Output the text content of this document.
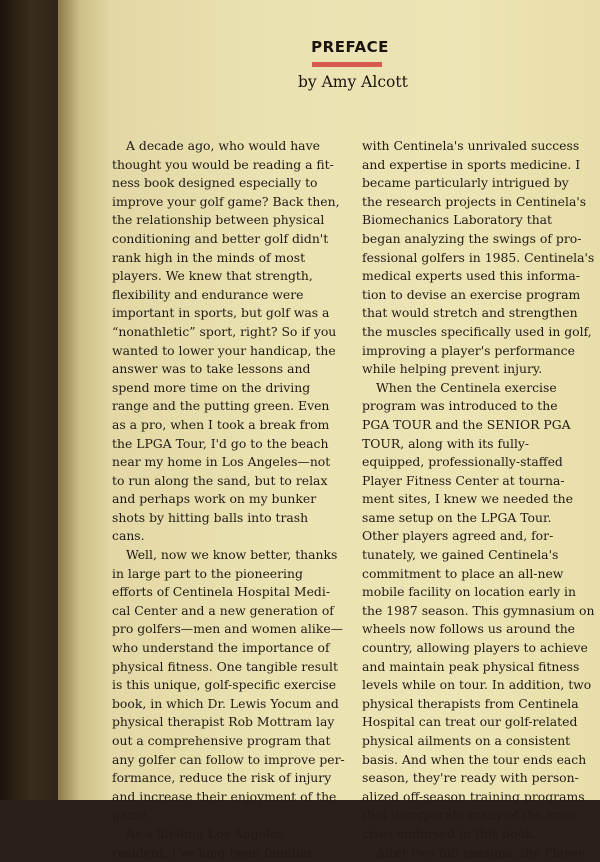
PREFACE
by Amy Alcott
A decade ago, who would have
thought you would be reading a fit-
ness book designed especially to
improve your golf game? Back then,
the relationship between physical
conditioning and better golf didn't
rank high in the minds of most
players. We knew that strength,
flexibility and endurance were
important in sports, but golf was a
“nonathletic” sport, right? So if you
wanted to lower your handicap, the
answer was to take lessons and
spend more time on the driving
range and the putting green. Even
as a pro, when I took a break from
the LPGA Tour, I'd go to the beach
near my home in Los Angeles—not
to run along the sand, but to relax
and perhaps work on my bunker
shots by hitting balls into trash
cans.
Well, now we know better, thanks
in large part to the pioneering
efforts of Centinela Hospital Medi-
cal Center and a new generation of
pro golfers—men and women alike—
who understand the importance of
physical fitness. One tangible result
is this unique, golf-specific exercise
book, in which Dr. Lewis Yocum and
physical therapist Rob Mottram lay
out a comprehensive program that
any golfer can follow to improve per-
formance, reduce the risk of injury
and increase their enjoyment of the
game.
As a lifelong Los Angeles
resident, I've long been familiar
with Centinela's unrivaled success
and expertise in sports medicine. I
became particularly intrigued by
the research projects in Centinela's
Biomechanics Laboratory that
began analyzing the swings of pro-
fessional golfers in 1985. Centinela's
medical experts used this informa-
tion to devise an exercise program
that would stretch and strengthen
the muscles specifically used in golf,
improving a player's performance
while helping prevent injury.
When the Centinela exercise
program was introduced to the
PGA TOUR and the SENIOR PGA
TOUR, along with its fully-
equipped, professionally-staffed
Player Fitness Center at tourna-
ment sites, I knew we needed the
same setup on the LPGA Tour.
Other players agreed and, for-
tunately, we gained Centinela's
commitment to place an all-new
mobile facility on location early in
the 1987 season. This gymnasium on
wheels now follows us around the
country, allowing players to achieve
and maintain peak physical fitness
levels while on tour. In addition, two
physical therapists from Centinela
Hospital can treat our golf-related
physical ailments on a consistent
basis. And when the tour ends each
season, they're ready with person-
alized off-season training programs
that incorporate many of the exer-
cises endorsed in this book.
After two full seasons, the Player
